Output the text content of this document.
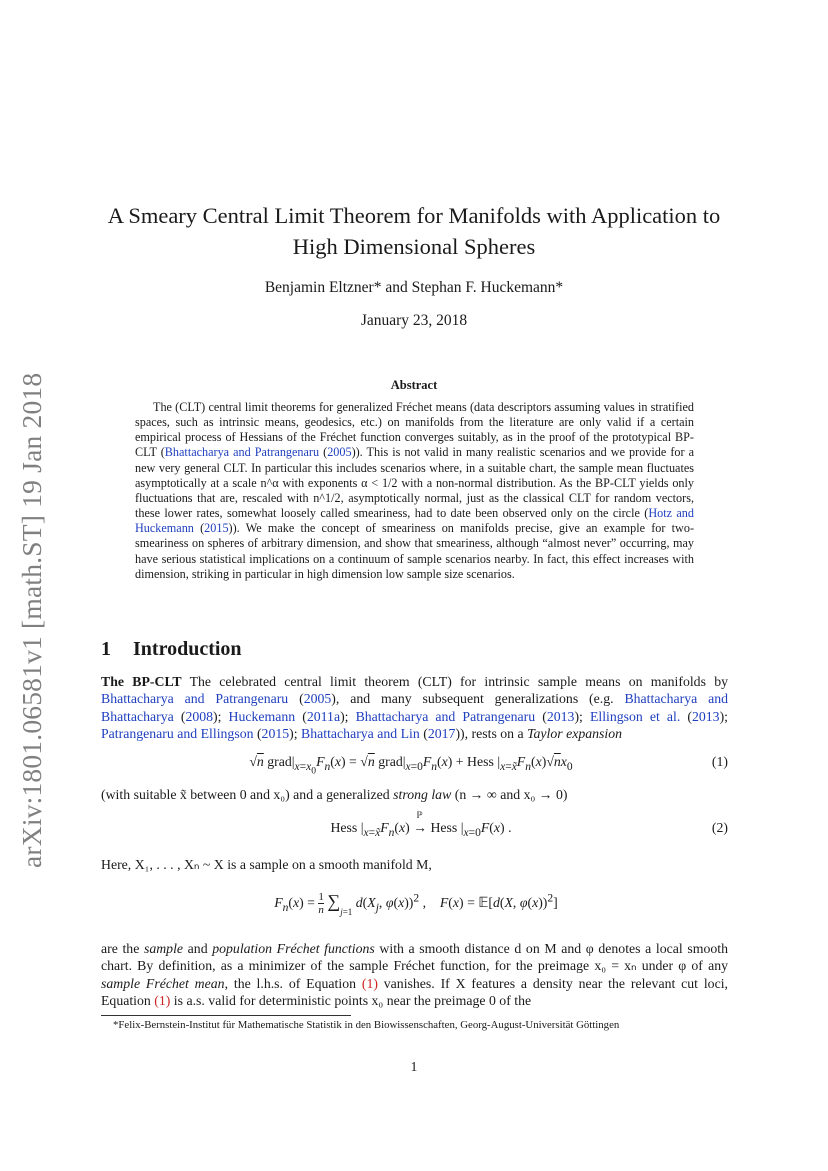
arXiv:1801.06581v1 [math.ST] 19 Jan 2018
A Smeary Central Limit Theorem for Manifolds with Application to High Dimensional Spheres
Benjamin Eltzner* and Stephan F. Huckemann*
January 23, 2018
Abstract

The (CLT) central limit theorems for generalized Fréchet means (data descriptors assuming values in stratified spaces, such as intrinsic means, geodesics, etc.) on manifolds from the literature are only valid if a certain empirical process of Hessians of the Fréchet function converges suitably, as in the proof of the prototypical BP-CLT (Bhattacharya and Patrangenaru (2005)). This is not valid in many realistic scenarios and we provide for a new very general CLT. In particular this includes scenarios where, in a suitable chart, the sample mean fluctuates asymptotically at a scale n^α with exponents α < 1/2 with a non-normal distribution. As the BP-CLT yields only fluctuations that are, rescaled with n^1/2, asymptotically normal, just as the classical CLT for random vectors, these lower rates, somewhat loosely called smeariness, had to date been observed only on the circle (Hotz and Huckemann (2015)). We make the concept of smeariness on manifolds precise, give an example for two-smeariness on spheres of arbitrary dimension, and show that smeariness, although “almost never” occurring, may have serious statistical implications on a continuum of sample scenarios nearby. In fact, this effect increases with dimension, striking in particular in high dimension low sample size scenarios.

1 Introduction

The BP-CLT The celebrated central limit theorem (CLT) for intrinsic sample means on manifolds by Bhattacharya and Patrangenaru (2005), and many subsequent generalizations (e.g. Bhattacharya and Bhattacharya (2008); Huckemann (2011a); Bhattacharya and Patrangenaru (2013); Ellingson et al. (2013); Patrangenaru and Ellingson (2015); Bhattacharya and Lin (2017)), rests on a Taylor expansion

√n $grad|_{x=x_0}F_n(x) = √n$ $grad|_{x=0}F_n(x)$ + Hess $|_{x=x̃}F_n(x)√nx_0$	(1)

(with suitable x̃ between 0 and x₀) and a generalized strong law (n → ∞ and x₀ → 0)

Hess $|_{x=x̃}F_n(x)$
ℙ
→ Hess $|_{x=0}F(x)$ .	(2)

Here, X₁, . . . , Xₙ ~ X is a sample on a smooth manifold M,

$F_n(x) = \frac{1}{n} \sum_{j=1}$ $d(X_j$, φ(x))$^2$ ,    F(x) = 𝔼[d(X, φ(x))$^2$]

are the sample and population Fréchet functions with a smooth distance d on M and φ denotes a local smooth chart. By definition, as a minimizer of the sample Fréchet function, for the preimage x₀ = xₙ under φ of any sample Fréchet mean, the l.h.s. of Equation (1) vanishes. If X features a density near the relevant cut loci, Equation (1) is a.s. valid for deterministic points x₀ near the preimage 0 of the

*Felix-Bernstein-Institut für Mathematische Statistik in den Biowissenschaften, Georg-August-Universität Göttingen
1
